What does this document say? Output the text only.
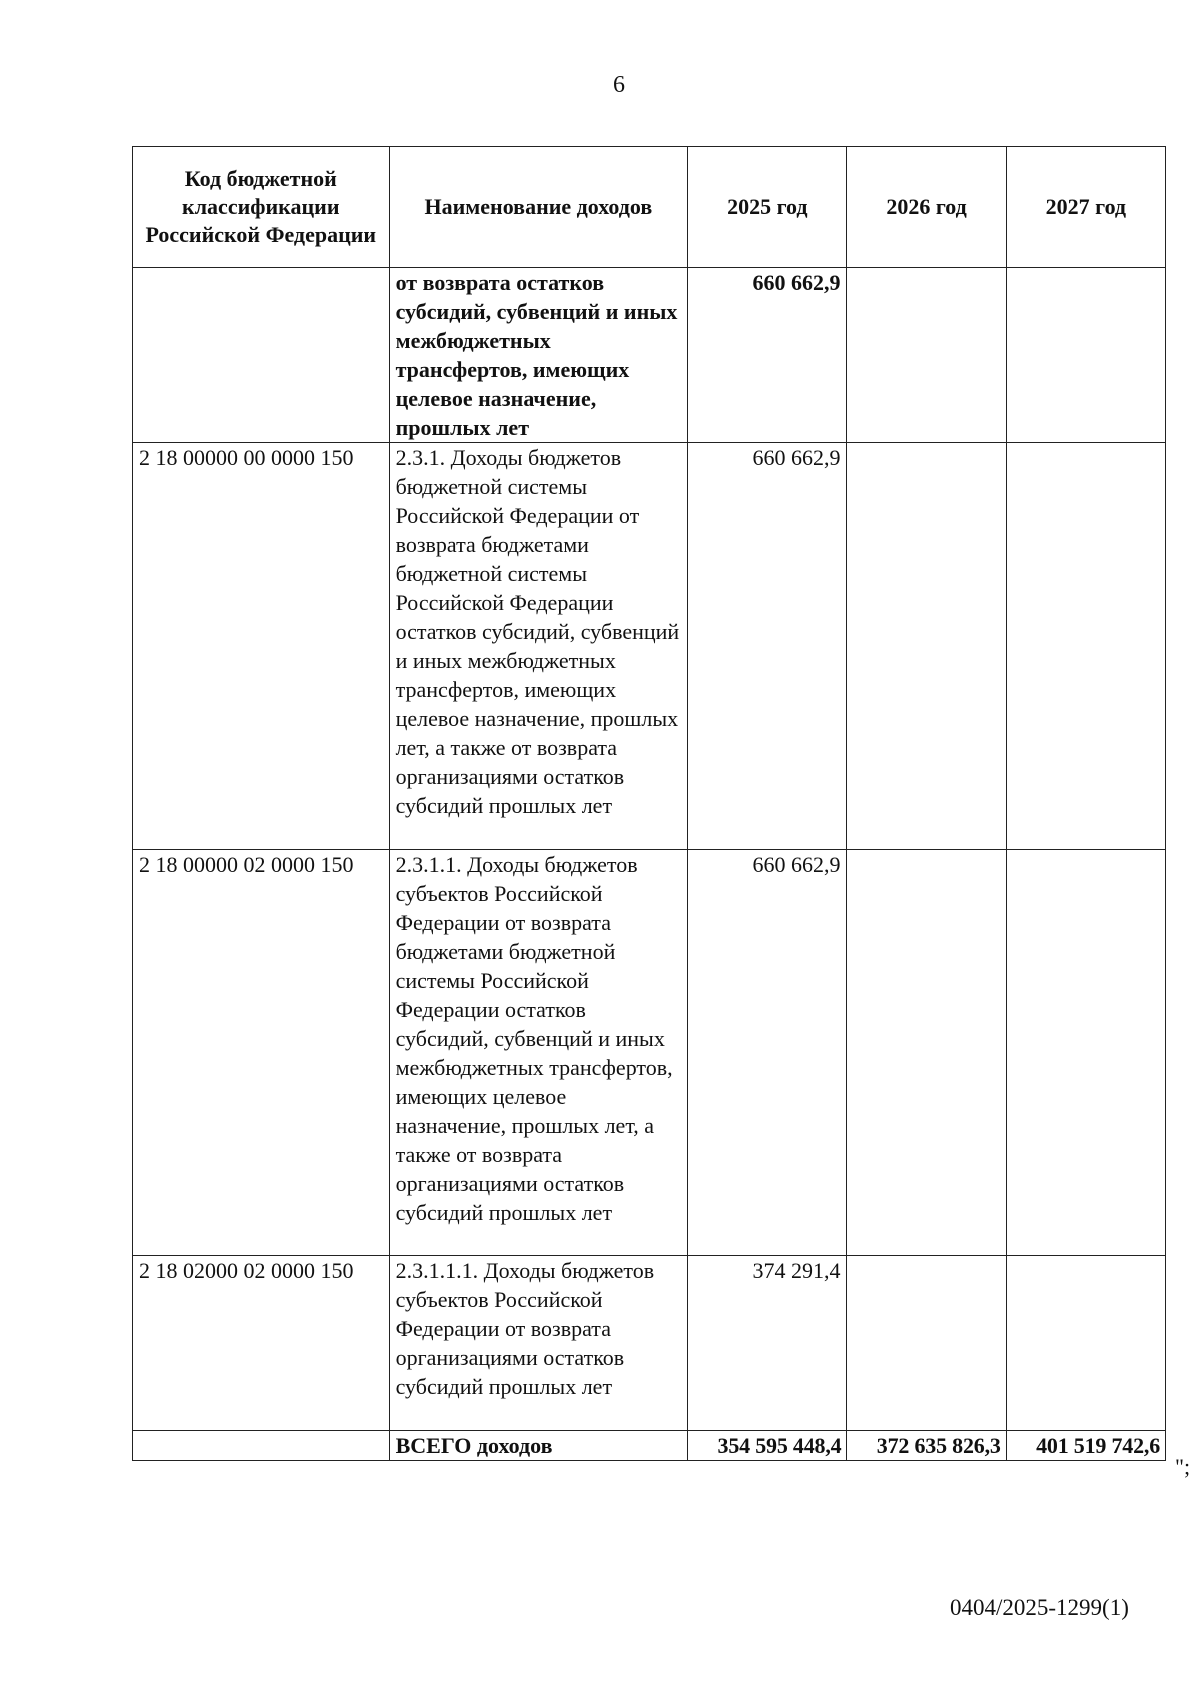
6
Код бюджетной классификации Российской Федерации	Наименование доходов	2025 год	2026 год	2027 год
	от возврата остатков субсидий, субвенций и иных межбюджетных трансфертов, имеющих целевое назначение, прошлых лет	660 662,9		
2 18 00000 00 0000 150	2.3.1. Доходы бюджетов бюджетной системы Российской Федерации от возврата бюджетами бюджетной системы Российской Федерации остатков субсидий, субвенций и иных межбюджетных трансфертов, имеющих целевое назначение, прошлых лет, а также от возврата организациями остатков субсидий прошлых лет	660 662,9		
2 18 00000 02 0000 150	2.3.1.1. Доходы бюджетов субъектов Российской Федерации от возврата бюджетами бюджетной системы Российской Федерации остатков субсидий, субвенций и иных межбюджетных трансфертов, имеющих целевое назначение, прошлых лет, а также от возврата организациями остатков субсидий прошлых лет	660 662,9		
2 18 02000 02 0000 150	2.3.1.1.1. Доходы бюджетов субъектов Российской Федерации от возврата организациями остатков субсидий прошлых лет	374 291,4		
	ВСЕГО доходов	354 595 448,4	372 635 826,3	401 519 742,6
";
0404/2025-1299(1)
